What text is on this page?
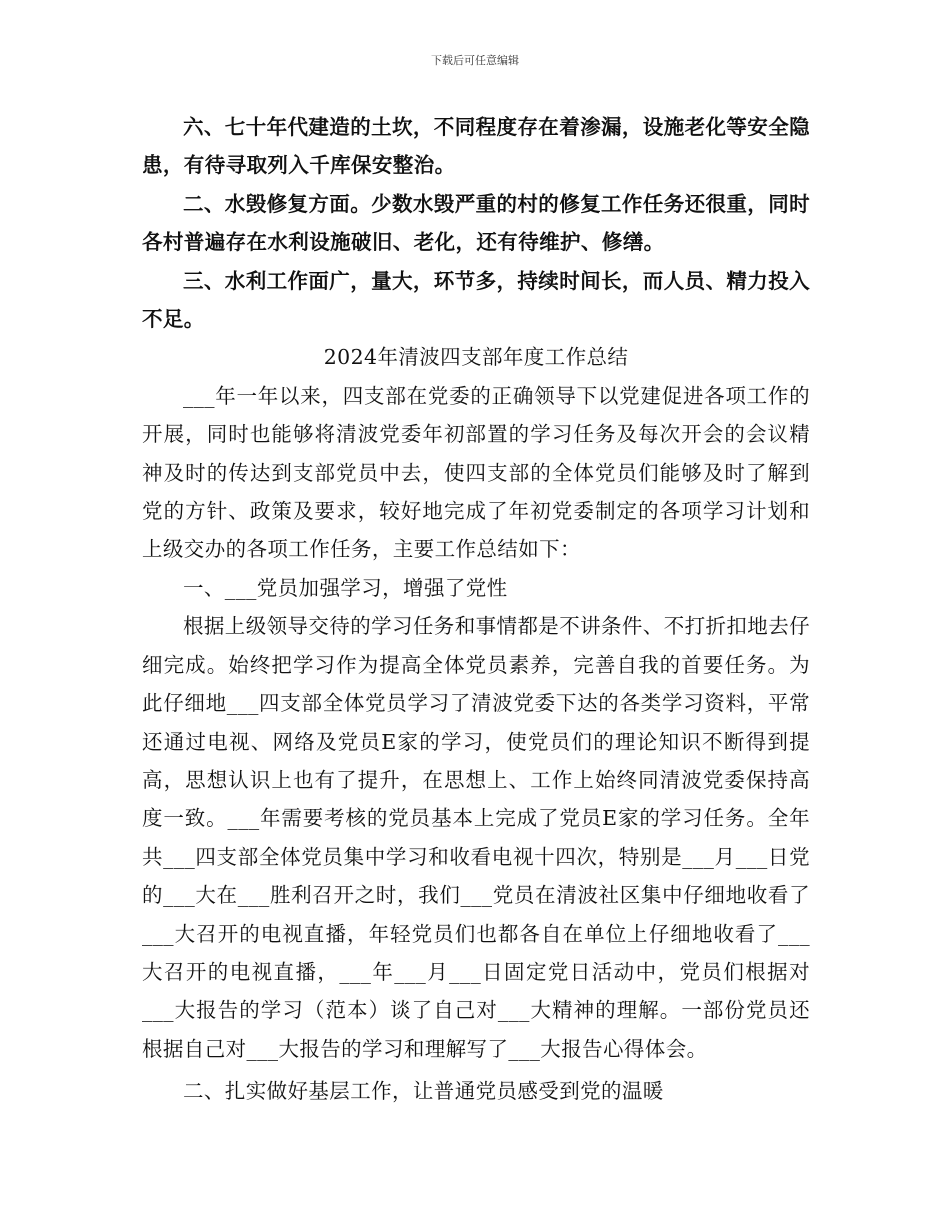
下载后可任意编辑

六、七十年代建造的土坎，不同程度存在着渗漏，设施老化等安全隐患，有待寻取列入千库保安整治。

二、水毁修复方面。少数水毁严重的村的修复工作任务还很重，同时各村普遍存在水利设施破旧、老化，还有待维护、修缮。

三、水利工作面广，量大，环节多，持续时间长，而人员、精力投入不足。

2024年清波四支部年度工作总结

___年一年以来，四支部在党委的正确领导下以党建促进各项工作的开展，同时也能够将清波党委年初部置的学习任务及每次开会的会议精神及时的传达到支部党员中去，使四支部的全体党员们能够及时了解到党的方针、政策及要求，较好地完成了年初党委制定的各项学习计划和上级交办的各项工作任务，主要工作总结如下：

一、___党员加强学习，增强了党性

根据上级领导交待的学习任务和事情都是不讲条件、不打折扣地去仔细完成。始终把学习作为提高全体党员素养，完善自我的首要任务。为此仔细地___四支部全体党员学习了清波党委下达的各类学习资料，平常还通过电视、网络及党员E家的学习，使党员们的理论知识不断得到提高，思想认识上也有了提升，在思想上、工作上始终同清波党委保持高度一致。___年需要考核的党员基本上完成了党员E家的学习任务。全年共___四支部全体党员集中学习和收看电视十四次，特别是___月___日党的___大在___胜利召开之时，我们___党员在清波社区集中仔细地收看了___大召开的电视直播，年轻党员们也都各自在单位上仔细地收看了___大召开的电视直播，___年___月___日固定党日活动中，党员们根据对___大报告的学习（范本）谈了自己对___大精神的理解。一部份党员还根据自己对___大报告的学习和理解写了___大报告心得体会。

二、扎实做好基层工作，让普通党员感受到党的温暖
